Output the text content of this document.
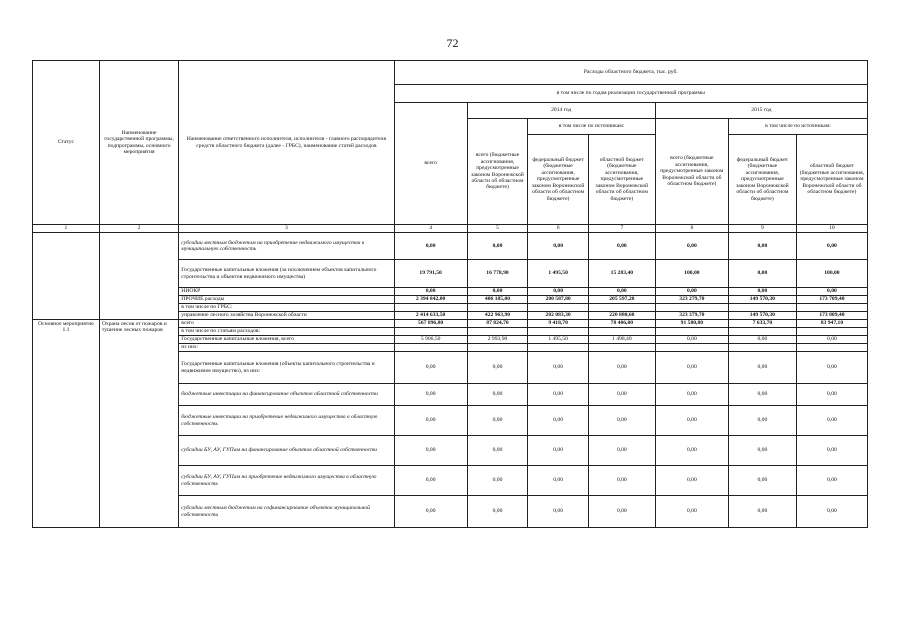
72
Статус	Наименование государственной программы, подпрограммы, основного мероприятия	Наименование ответственного исполнителя, исполнителя - главного распорядителя средств областного бюджета (далее - ГРБС), наименование статей расходов	Расходы областного бюджета, тыс. руб.						
			в том числе по годам реализации государственной программы						
			всего	2014 год			2015 год		
				всего (бюджетные ассигнования, предусмотренные законом Воронежской области об областном бюджете)	в том числе по источникам:		всего (бюджетные ассигнования, предусмотренные законом Воронежской области об областном бюджете)	в том числе по источникам:	
					федеральный бюджет (бюджетные ассигнования, предусмотренные законом Воронежской области об областном бюджете)	областной бюджет (бюджетные ассигнования, предусмотренные законом Воронежской области об областном бюджете)		федеральный бюджет (бюджетные ассигнования, предусмотренные законом Воронежской области об областном бюджете)	областной бюджет (бюджетные ассигнования, предусмотренные законом Воронежской области об областном бюджете)
1	2	3	4	5	6	7	8	9	10
		субсидии местным бюджетам на приобретение недвижимого имущества в муниципальную собственность	0,00	0,00	0,00	0,00	0,00	0,00	0,00
		Государственные капитальные вложения (за исключением объектов капитального строительства и объектов недвижимого имущества)	19 791,50	16 778,90	1 495,50	15 283,40	100,00	0,00	100,00
		НИОКР	0,00	0,00	0,00	0,00	0,00	0,00	0,00
		ПРОЧИЕ расходы	2 394 842,00	406 185,00	200 587,80	205 597,20	323 279,70	149 570,30	173 709,40
		в том числе по ГРБС:							
		управление лесного хозяйства Воронежской области	2 414 633,50	422 963,90	202 083,30	220 880,60	323 379,70	149 570,30	173 809,40
Основное мероприятие 1.1	Охрана лесов от пожаров и тушение лесных пожаров	всего	567 896,80	87 824,70	9 418,70	78 406,00	91 580,80	7 633,70	83 947,10
		в том числе по статьям расходов:							
		Государственные капитальные вложения, всего	5 906,50	2 993,90	1 495,50	1 498,40	0,00	0,00	0,00
		из них:							
		Государственные капитальные вложения (объекты капитального строительства и недвижимое имущество), из них:	0,00	0,00	0,00	0,00	0,00	0,00	0,00
		бюджетные инвестиции на финансирование объектов областной собственности	0,00	0,00	0,00	0,00	0,00	0,00	0,00
		бюджетные инвестиции на приобретение недвижимого имущества в областную собственность	0,00	0,00	0,00	0,00	0,00	0,00	0,00
		субсидии БУ, АУ, ГУПам на финансирование объектов областной собственности	0,00	0,00	0,00	0,00	0,00	0,00	0,00
		субсидии БУ, АУ, ГУПам на приобретение недвижимого имущества в областную собственность	0,00	0,00	0,00	0,00	0,00	0,00	0,00
		субсидии местным бюджетам на софинансирование объектов муниципальной собственности	0,00	0,00	0,00	0,00	0,00	0,00	0,00
